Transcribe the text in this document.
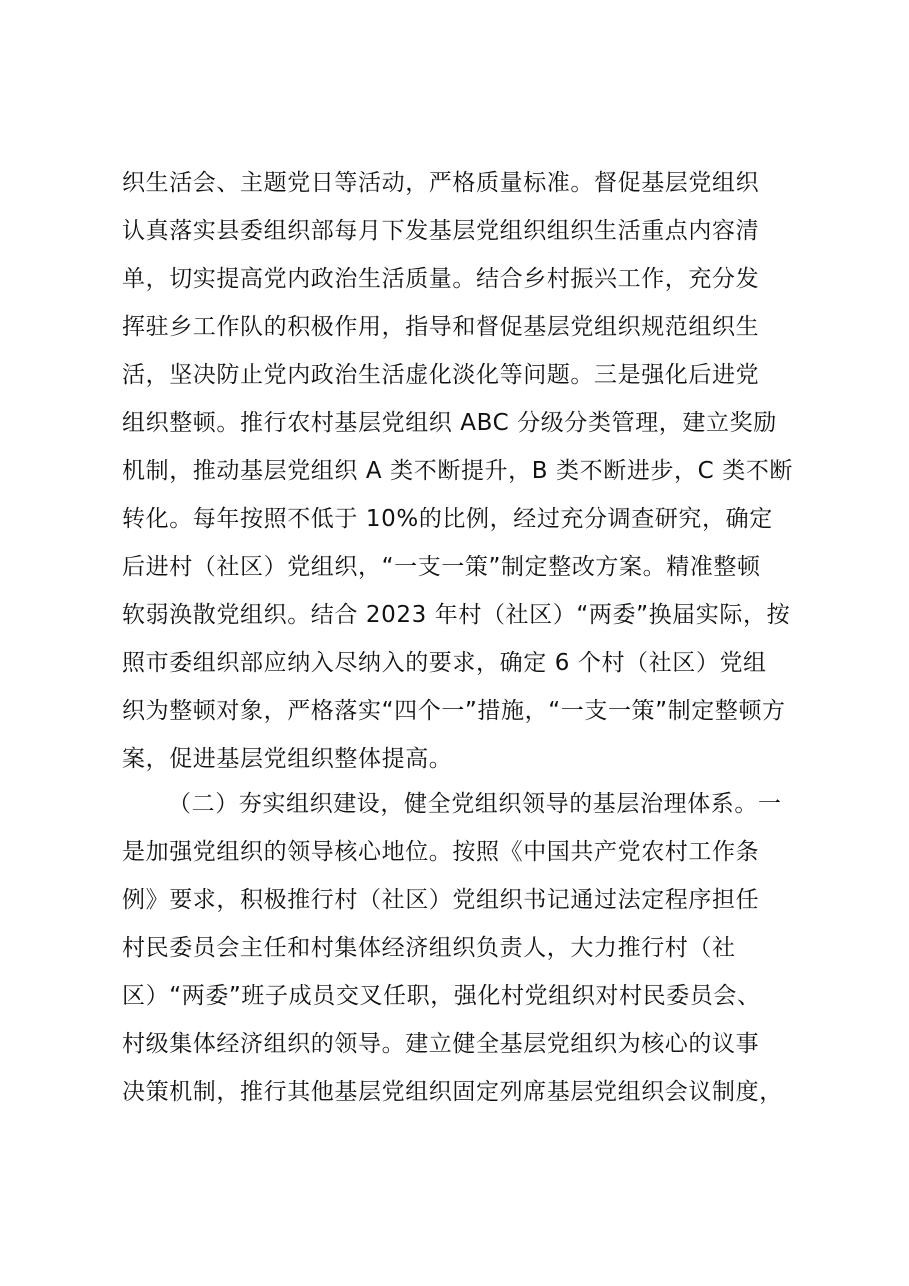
织生活会、主题党日等活动，严格质量标准。督促基层党组织
认真落实县委组织部每月下发基层党组织组织生活重点内容清
单，切实提高党内政治生活质量。结合乡村振兴工作，充分发
挥驻乡工作队的积极作用，指导和督促基层党组织规范组织生
活，坚决防止党内政治生活虚化淡化等问题。三是强化后进党
组织整顿。推行农村基层党组织 ABC 分级分类管理，建立奖励
机制，推动基层党组织 A 类不断提升，B 类不断进步，C 类不断
转化。每年按照不低于 10%的比例，经过充分调查研究，确定
后进村（社区）党组织，“一支一策”制定整改方案。精准整顿
软弱涣散党组织。结合 2023 年村（社区）“两委”换届实际，按
照市委组织部应纳入尽纳入的要求，确定 6 个村（社区）党组
织为整顿对象，严格落实“四个一”措施，“一支一策”制定整顿方
案，促进基层党组织整体提高。
（二）夯实组织建设，健全党组织领导的基层治理体系。一
是加强党组织的领导核心地位。按照《中国共产党农村工作条
例》要求，积极推行村（社区）党组织书记通过法定程序担任
村民委员会主任和村集体经济组织负责人，大力推行村（社
区）“两委”班子成员交叉任职，强化村党组织对村民委员会、
村级集体经济组织的领导。建立健全基层党组织为核心的议事
决策机制，推行其他基层党组织固定列席基层党组织会议制度，
